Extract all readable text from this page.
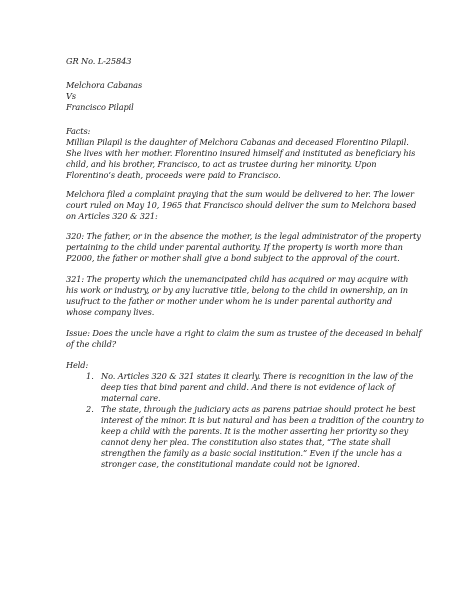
GR No. L-25843
Melchora Cabanas
Vs
Francisco Pilapil
Facts:
Millian Pilapil is the daughter of Melchora Cabanas and deceased Florentino Pilapil.
She lives with her mother. Florentino insured himself and instituted as beneficiary his
child, and his brother, Francisco, to act as trustee during her minority. Upon
Florentino’s death, proceeds were paid to Francisco.
Melchora filed a complaint praying that the sum would be delivered to her. The lower
court ruled on May 10, 1965 that Francisco should deliver the sum to Melchora based
on Articles 320 & 321:
320: The father, or in the absence the mother, is the legal administrator of the property
pertaining to the child under parental authority. If the property is worth more than
P2000, the father or mother shall give a bond subject to the approval of the court.
321: The property which the unemancipated child has acquired or may acquire with
his work or industry, or by any lucrative title, belong to the child in ownership, an in
usufruct to the father or mother under whom he is under parental authority and
whose company lives.
Issue: Does the uncle have a right to claim the sum as trustee of the deceased in behalf
of the child?
Held:
1. No. Articles 320 & 321 states it clearly. There is recognition in the law of the
deep ties that bind parent and child. And there is not evidence of lack of
maternal care.
2. The state, through the judiciary acts as parens patriae should protect he best
interest of the minor. It is but natural and has been a tradition of the country to
keep a child with the parents. It is the mother asserting her priority so they
cannot deny her plea. The constitution also states that, “The state shall
strengthen the family as a basic social institution.” Even if the uncle has a
stronger case, the constitutional mandate could not be ignored.
